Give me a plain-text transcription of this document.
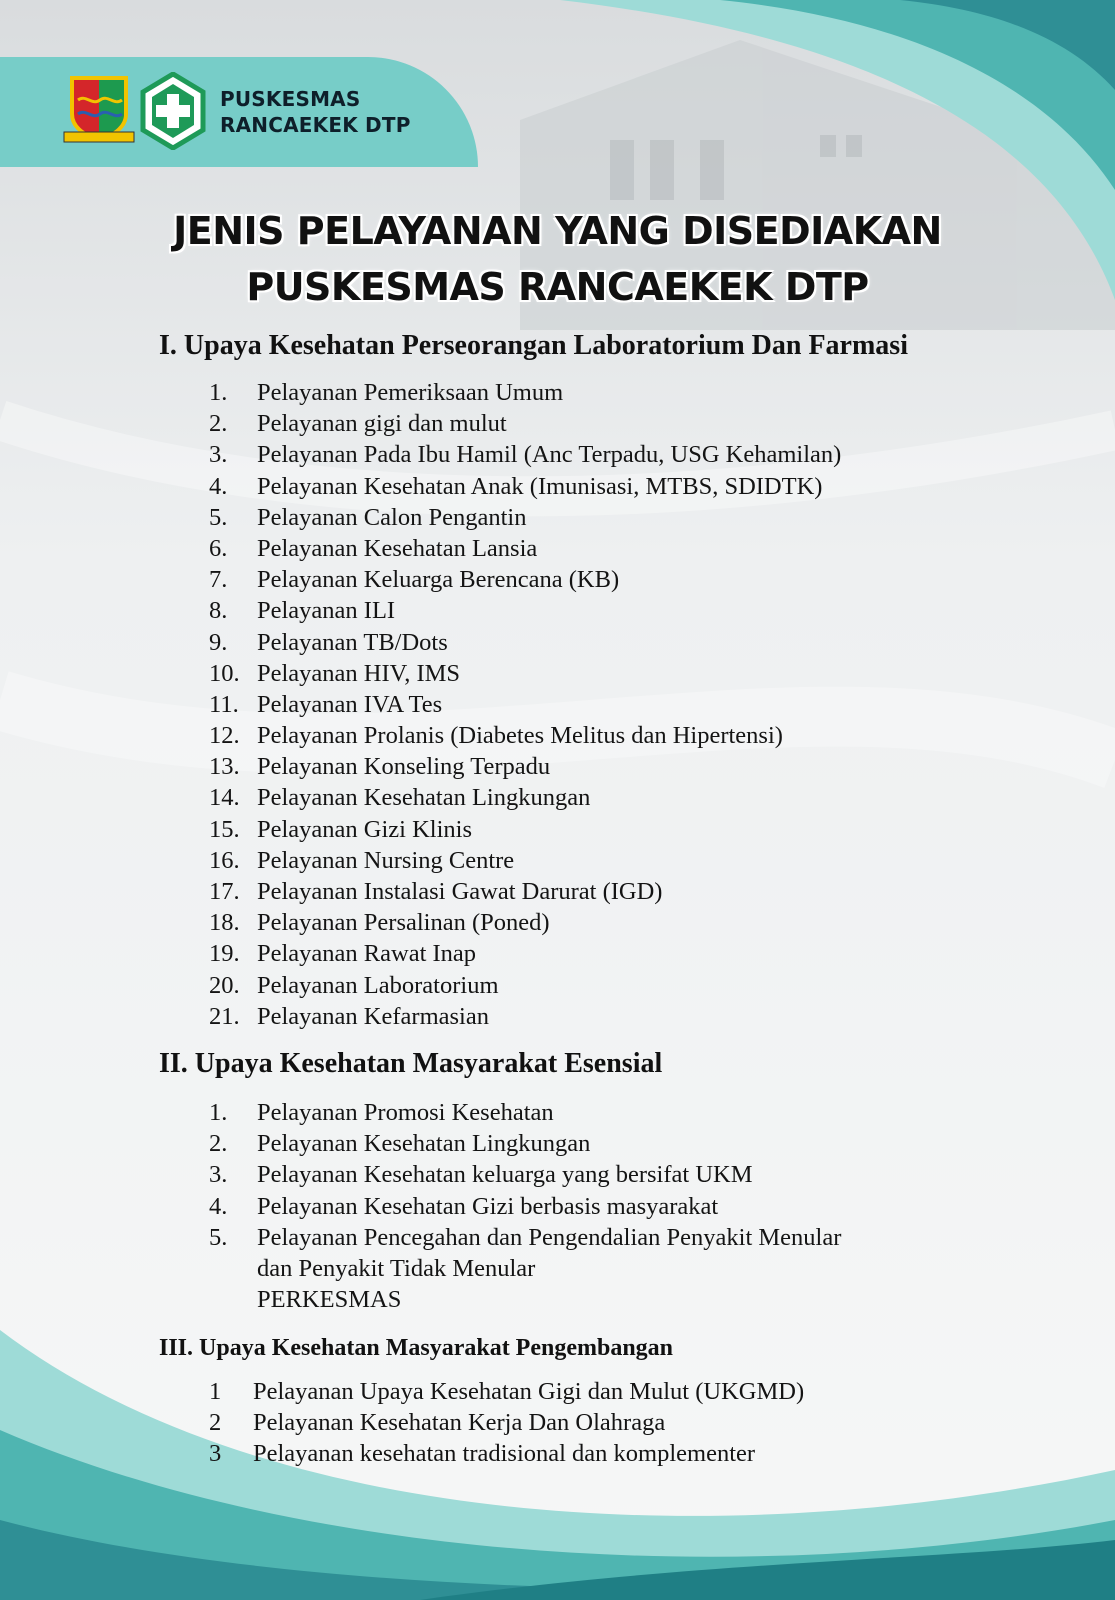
PUSKESMAS
RANCAEKEK DTP
JENIS PELAYANAN YANG DISEDIAKAN
PUSKESMAS RANCAEKEK DTP
I. Upaya Kesehatan Perseorangan Laboratorium Dan Farmasi
1.	Pelayanan Pemeriksaan Umum
2.	Pelayanan gigi dan mulut
3.	Pelayanan Pada Ibu Hamil (Anc Terpadu, USG Kehamilan)
4.	Pelayanan Kesehatan Anak (Imunisasi, MTBS, SDIDTK)
5.	Pelayanan Calon Pengantin
6.	Pelayanan Kesehatan Lansia
7.	Pelayanan Keluarga Berencana (KB)
8.	Pelayanan ILI
9.	Pelayanan TB/Dots
10. Pelayanan HIV, IMS
11. Pelayanan IVA Tes
12. Pelayanan Prolanis (Diabetes Melitus dan Hipertensi)
13. Pelayanan Konseling Terpadu
14. Pelayanan Kesehatan Lingkungan
15. Pelayanan Gizi Klinis
16. Pelayanan Nursing Centre
17. Pelayanan Instalasi Gawat Darurat (IGD)
18. Pelayanan Persalinan (Poned)
19. Pelayanan Rawat Inap
20. Pelayanan Laboratorium
21. Pelayanan Kefarmasian
II. Upaya Kesehatan Masyarakat Esensial
1.	Pelayanan Promosi Kesehatan
2.	Pelayanan Kesehatan Lingkungan
3.	Pelayanan Kesehatan keluarga yang bersifat UKM
4.	Pelayanan Kesehatan Gizi berbasis masyarakat
5.	Pelayanan Pencegahan dan Pengendalian Penyakit Menular
dan Penyakit Tidak Menular
PERKESMAS
III. Upaya Kesehatan Masyarakat Pengembangan
1	Pelayanan Upaya Kesehatan Gigi dan Mulut (UKGMD)
2	Pelayanan Kesehatan Kerja Dan Olahraga
3	Pelayanan kesehatan tradisional dan komplementer
